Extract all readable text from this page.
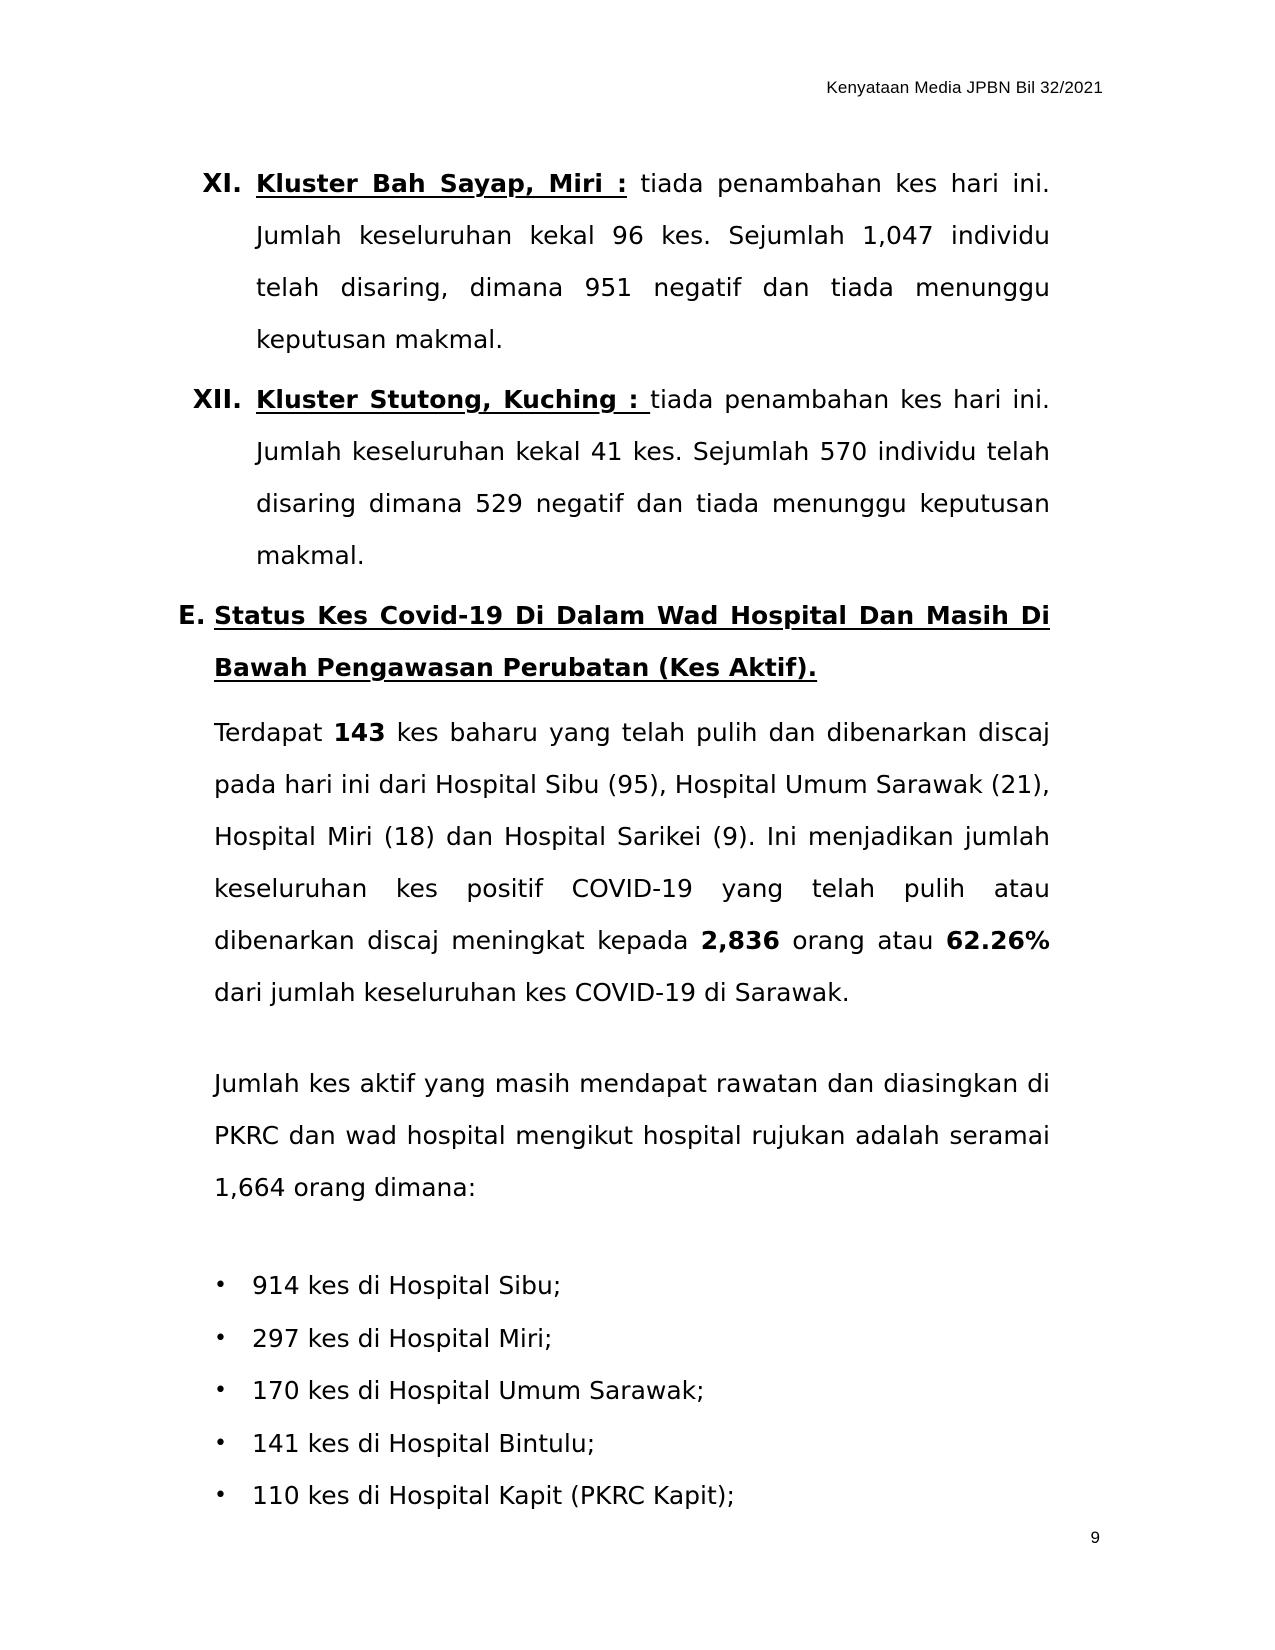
Kenyataan Media JPBN Bil 32/2021
XI. Kluster Bah Sayap, Miri : tiada penambahan kes hari ini. Jumlah keseluruhan kekal 96 kes. Sejumlah 1,047 individu telah disaring, dimana 951 negatif dan tiada menunggu keputusan makmal.
XII. Kluster Stutong, Kuching : tiada penambahan kes hari ini. Jumlah keseluruhan kekal 41 kes. Sejumlah 570 individu telah disaring dimana 529 negatif dan tiada menunggu keputusan makmal.
E. Status Kes Covid-19 Di Dalam Wad Hospital Dan Masih Di Bawah Pengawasan Perubatan (Kes Aktif).
Terdapat 143 kes baharu yang telah pulih dan dibenarkan discaj pada hari ini dari Hospital Sibu (95), Hospital Umum Sarawak (21), Hospital Miri (18) dan Hospital Sarikei (9). Ini menjadikan jumlah keseluruhan kes positif COVID-19 yang telah pulih atau dibenarkan discaj meningkat kepada 2,836 orang atau 62.26% dari jumlah keseluruhan kes COVID-19 di Sarawak.
Jumlah kes aktif yang masih mendapat rawatan dan diasingkan di PKRC dan wad hospital mengikut hospital rujukan adalah seramai 1,664 orang dimana:
• 914 kes di Hospital Sibu;
• 297 kes di Hospital Miri;
• 170 kes di Hospital Umum Sarawak;
• 141 kes di Hospital Bintulu;
• 110 kes di Hospital Kapit (PKRC Kapit);
9
